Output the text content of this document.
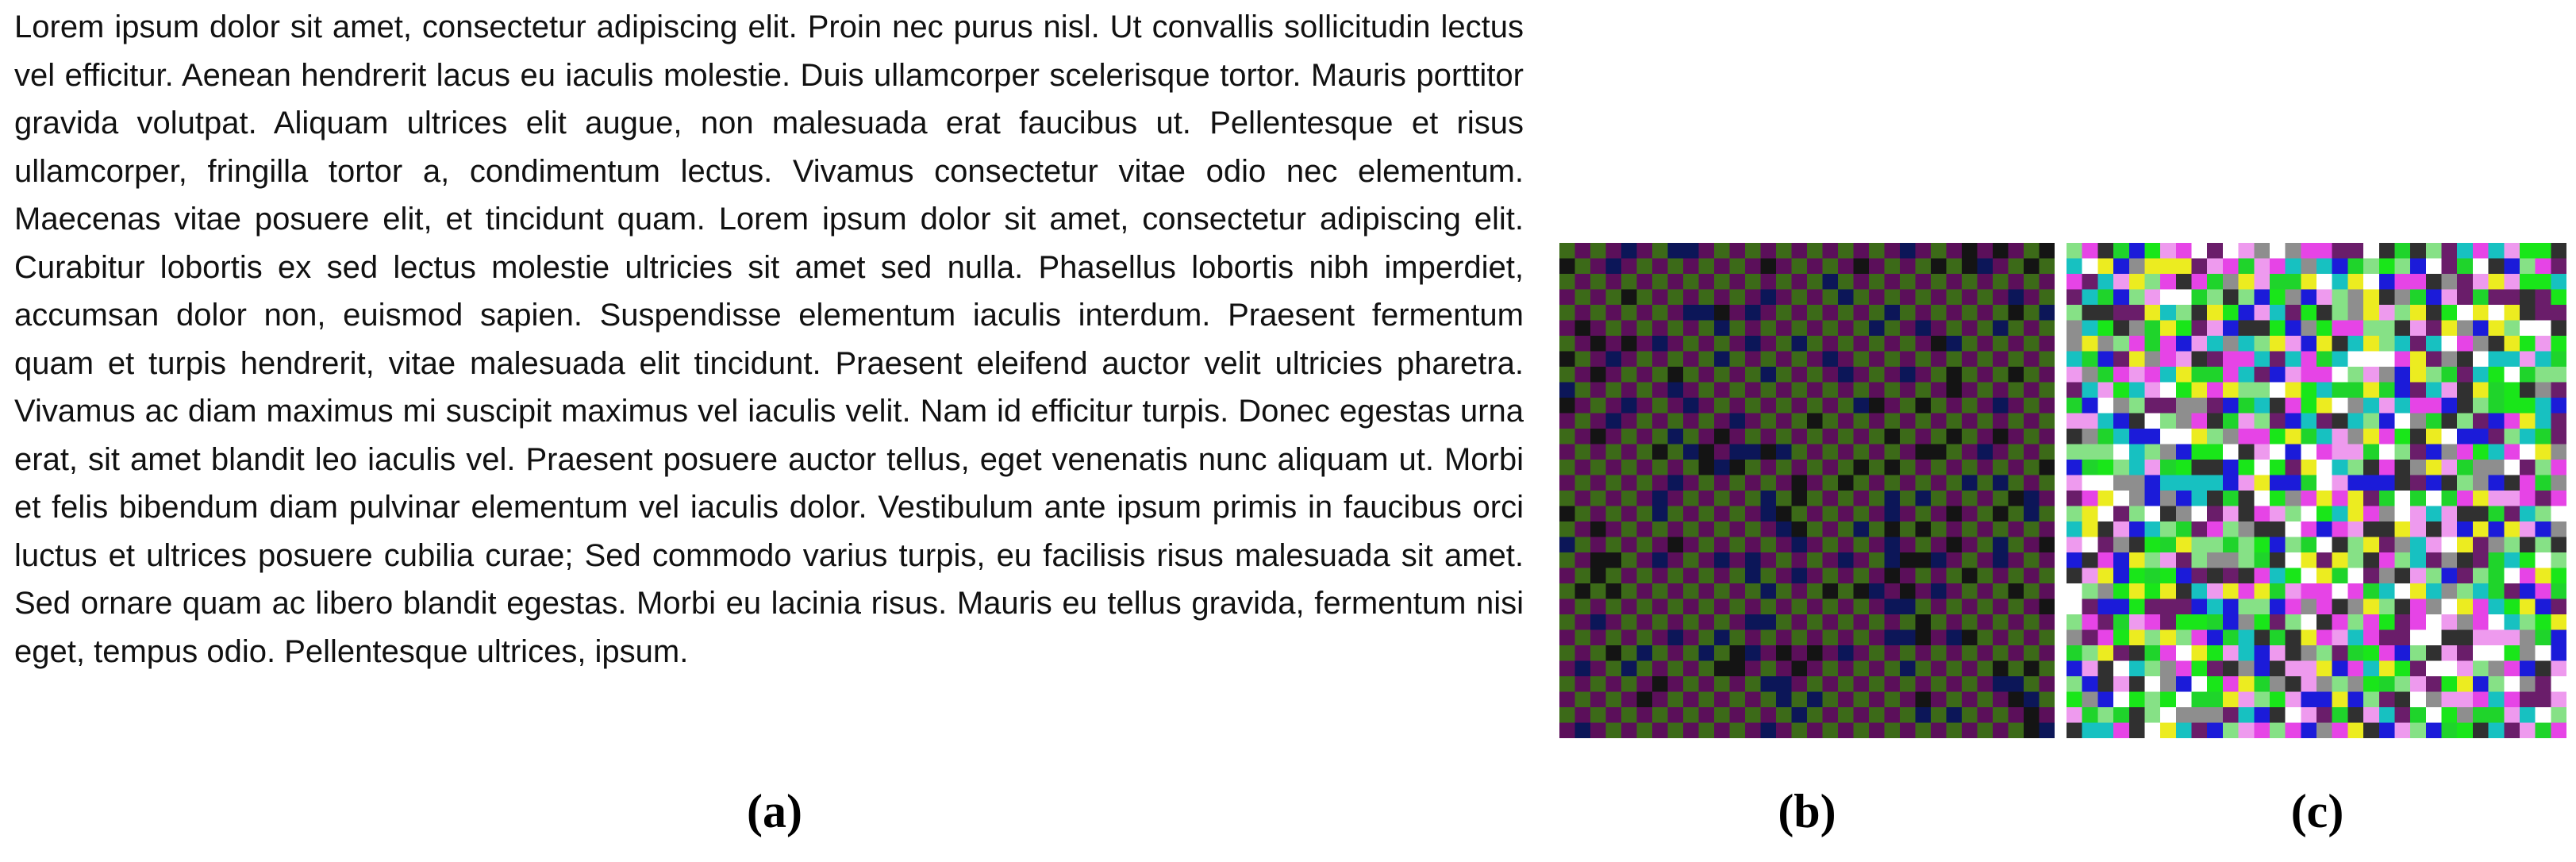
Lorem ipsum dolor sit amet, consectetur adipiscing elit. Proin nec purus nisl. Ut convallis sollicitudin lectus vel efficitur. Aenean hendrerit lacus eu iaculis molestie. Duis ullamcorper scelerisque tortor. Mauris porttitor gravida volutpat. Aliquam ultrices elit augue, non malesuada erat faucibus ut. Pellentesque et risus ullamcorper, fringilla tortor a, condimentum lectus. Vivamus consectetur vitae odio nec elementum. Maecenas vitae posuere elit, et tincidunt quam. Lorem ipsum dolor sit amet, consectetur adipiscing elit. Curabitur lobortis ex sed lectus molestie ultricies sit amet sed nulla. Phasellus lobortis nibh imperdiet, accumsan dolor non, euismod sapien. Suspendisse elementum iaculis interdum. Praesent fermentum quam et turpis hendrerit, vitae malesuada elit tincidunt. Praesent eleifend auctor velit ultricies pharetra. Vivamus ac diam maximus mi suscipit maximus vel iaculis velit. Nam id efficitur turpis. Donec egestas urna erat, sit amet blandit leo iaculis vel. Praesent posuere auctor tellus, eget venenatis nunc aliquam ut. Morbi et felis bibendum diam pulvinar elementum vel iaculis dolor. Vestibulum ante ipsum primis in faucibus orci luctus et ultrices posuere cubilia curae; Sed commodo varius turpis, eu facilisis risus malesuada sit amet. Sed ornare quam ac libero blandit egestas. Morbi eu lacinia risus. Mauris eu tellus gravida, fermentum nisi eget, tempus odio. Pellentesque ultrices, ipsum.

(a)	(b)	(c)
